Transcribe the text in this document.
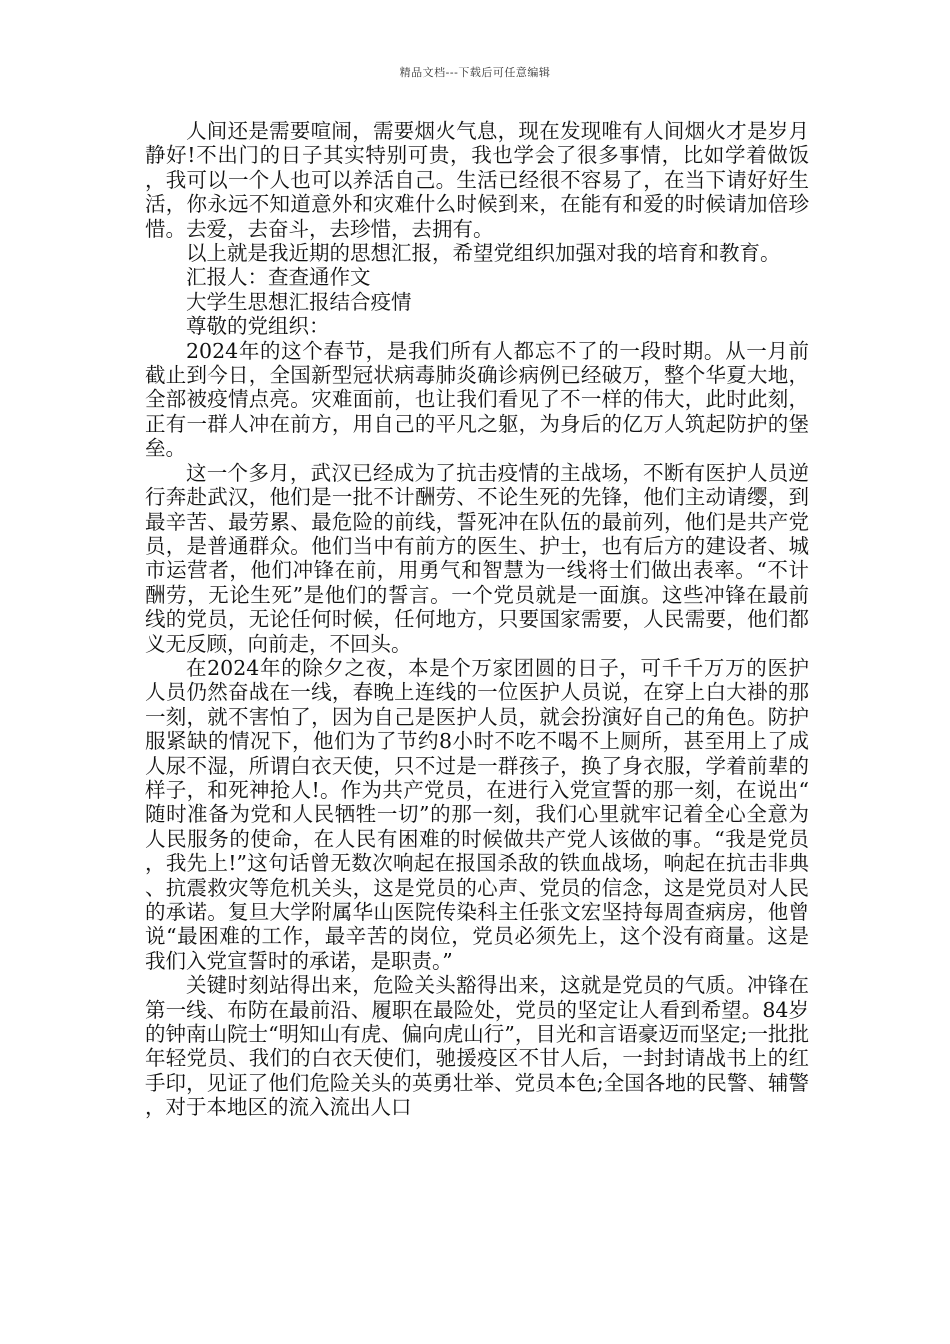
精品文档---下载后可任意编辑

人间还是需要喧闹，需要烟火气息，现在发现唯有人间烟火才是岁月静好!不出门的日子其实特别可贵，我也学会了很多事情，比如学着做饭，我可以一个人也可以养活自己。生活已经很不容易了，在当下请好好生活，你永远不知道意外和灾难什么时候到来，在能有和爱的时候请加倍珍惜。去爱，去奋斗，去珍惜，去拥有。

以上就是我近期的思想汇报，希望党组织加强对我的培育和教育。

汇报人：查查通作文

大学生思想汇报结合疫情

尊敬的党组织：

2024年的这个春节，是我们所有人都忘不了的一段时期。从一月前截止到今日，全国新型冠状病毒肺炎确诊病例已经破万，整个华夏大地，全部被疫情点亮。灾难面前，也让我们看见了不一样的伟大，此时此刻，正有一群人冲在前方，用自己的平凡之躯，为身后的亿万人筑起防护的堡垒。

这一个多月，武汉已经成为了抗击疫情的主战场，不断有医护人员逆行奔赴武汉，他们是一批不计酬劳、不论生死的先锋，他们主动请缨，到最辛苦、最劳累、最危险的前线，誓死冲在队伍的最前列，他们是共产党员，是普通群众。他们当中有前方的医生、护士，也有后方的建设者、城市运营者，他们冲锋在前，用勇气和智慧为一线将士们做出表率。“不计酬劳，无论生死”是他们的誓言。一个党员就是一面旗。这些冲锋在最前线的党员，无论任何时候，任何地方，只要国家需要，人民需要，他们都义无反顾，向前走，不回头。

在2024年的除夕之夜，本是个万家团圆的日子，可千千万万的医护人员仍然奋战在一线，春晚上连线的一位医护人员说，在穿上白大褂的那一刻，就不害怕了，因为自己是医护人员，就会扮演好自己的角色。防护服紧缺的情况下，他们为了节约8小时不吃不喝不上厕所，甚至用上了成人尿不湿，所谓白衣天使，只不过是一群孩子，换了身衣服，学着前辈的样子，和死神抢人!。作为共产党员，在进行入党宣誓的那一刻，在说出“随时准备为党和人民牺牲一切”的那一刻，我们心里就牢记着全心全意为人民服务的使命，在人民有困难的时候做共产党人该做的事。“我是党员，我先上!”这句话曾无数次响起在报国杀敌的铁血战场，响起在抗击非典、抗震救灾等危机关头，这是党员的心声、党员的信念，这是党员对人民的承诺。复旦大学附属华山医院传染科主任张文宏坚持每周查病房，他曾说“最困难的工作，最辛苦的岗位，党员必须先上，这个没有商量。这是我们入党宣誓时的承诺，是职责。”

关键时刻站得出来，危险关头豁得出来，这就是党员的气质。冲锋在第一线、布防在最前沿、履职在最险处，党员的坚定让人看到希望。84岁的钟南山院士“明知山有虎、偏向虎山行”，目光和言语豪迈而坚定;一批批年轻党员、我们的白衣天使们，驰援疫区不甘人后，一封封请战书上的红手印，见证了他们危险关头的英勇壮举、党员本色;全国各地的民警、辅警，对于本地区的流入流出人口
